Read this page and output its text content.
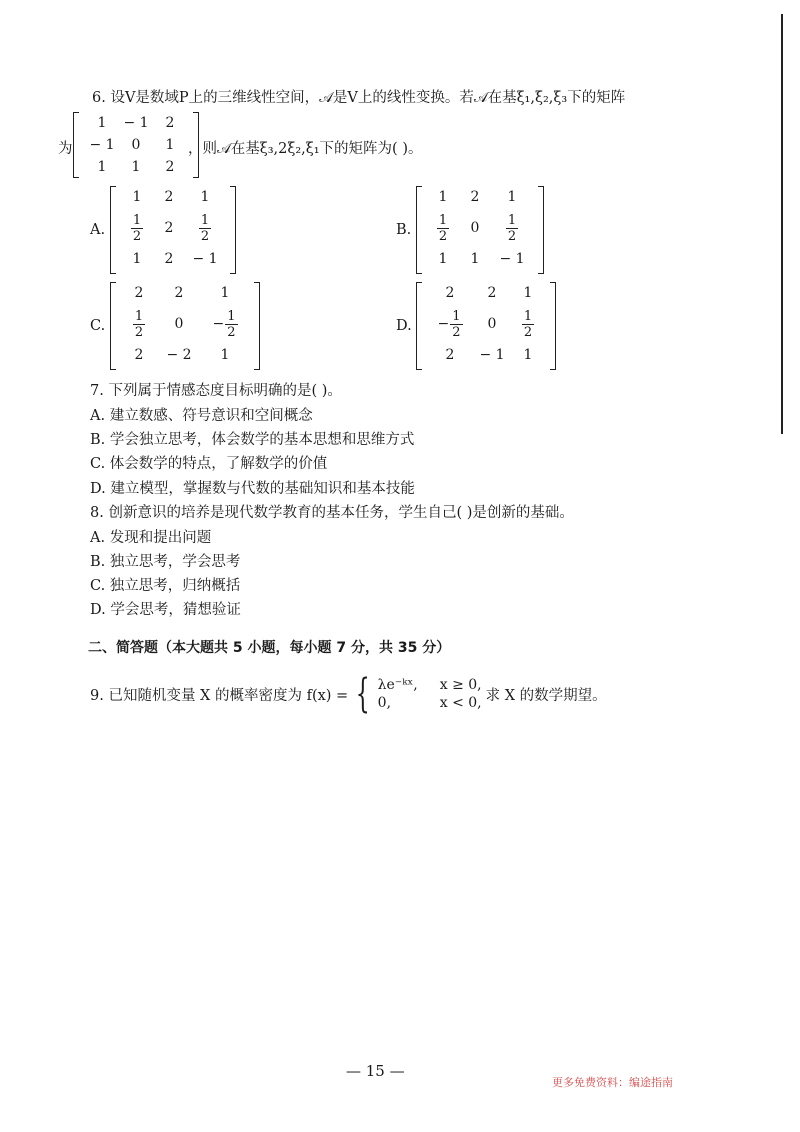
6. 设V是数域P上的三维线性空间，𝒜是V上的线性变换。若𝒜在基ξ₁,ξ₂,ξ₃下的矩阵
为
1 − 1 2
− 1 0 1
1 1 2
，则𝒜在基ξ₃,2ξ₂,ξ₁下的矩阵为( )。
A.
1 2 1
$\frac{1}{2} 2 \frac{1}{2}$
1 2 − 1
B.
1 2 1
$\frac{1}{2} 0 \frac{1}{2}$
1 1 − 1
C.
2 2	1
$\frac{1}{2} 0 - \frac{1}{2}$
2 − 2 1
D.
2 2 1
− $\frac{1}{2} 0 \frac{1}{2}$
2 − 1 1
7. 下列属于情感态度目标明确的是( )。
A. 建立数感、符号意识和空间概念
B. 学会独立思考，体会数学的基本思想和思维方式
C. 体会数学的特点，了解数学的价值
D. 建立模型，掌握数与代数的基础知识和基本技能
8. 创新意识的培养是现代数学教育的基本任务，学生自己( )是创新的基础。
A. 发现和提出问题
B. 独立思考，学会思考
C. 独立思考，归纳概括
D. 学会思考，猜想验证
二、简答题（本大题共 5 小题，每小题 7 分，共 35 分）
9. 已知随机变量 X 的概率密度为 f(x) = { λe⁻ᵏˣ, x ≥ 0,
0,	x < 0, 求 X 的数学期望。
— 15 —
更多免费资料：编途指南
